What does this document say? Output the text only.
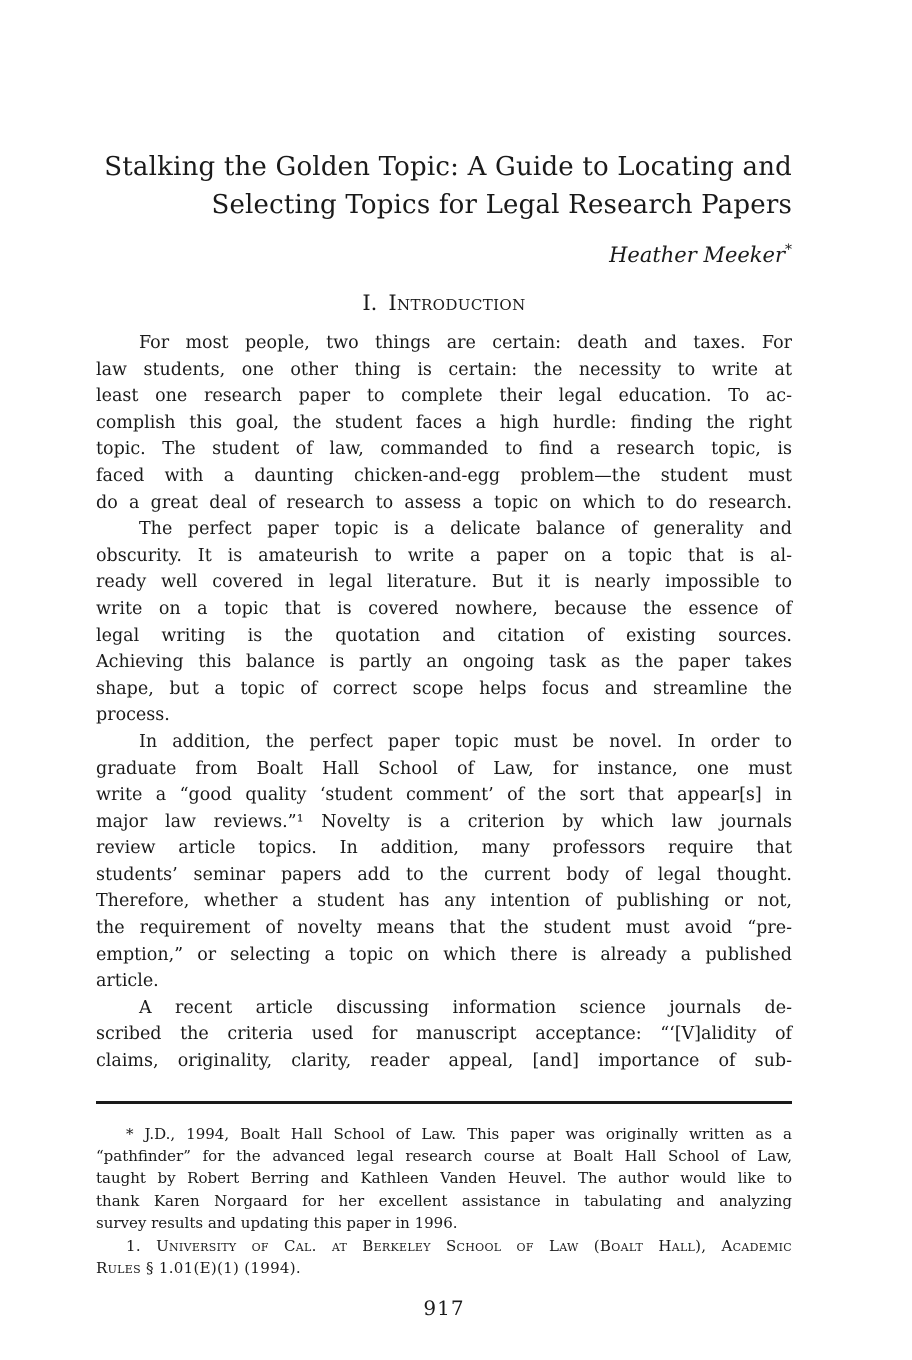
Stalking the Golden Topic: A Guide to Locating and
Selecting Topics for Legal Research Papers
Heather Meeker*
I. Introduction
For most people, two things are certain: death and taxes. For
law students, one other thing is certain: the necessity to write at
least one research paper to complete their legal education. To ac-
complish this goal, the student faces a high hurdle: finding the right
topic. The student of law, commanded to find a research topic, is
faced with a daunting chicken-and-egg problem—the student must
do a great deal of research to assess a topic on which to do research.
The perfect paper topic is a delicate balance of generality and
obscurity. It is amateurish to write a paper on a topic that is al-
ready well covered in legal literature. But it is nearly impossible to
write on a topic that is covered nowhere, because the essence of
legal writing is the quotation and citation of existing sources.
Achieving this balance is partly an ongoing task as the paper takes
shape, but a topic of correct scope helps focus and streamline the
process.
In addition, the perfect paper topic must be novel. In order to
graduate from Boalt Hall School of Law, for instance, one must
write a “good quality ‘student comment’ of the sort that appear[s] in
major law reviews.”¹ Novelty is a criterion by which law journals
review article topics. In addition, many professors require that
students’ seminar papers add to the current body of legal thought.
Therefore, whether a student has any intention of publishing or not,
the requirement of novelty means that the student must avoid “pre-
emption,” or selecting a topic on which there is already a published
article.
A recent article discussing information science journals de-
scribed the criteria used for manuscript acceptance: “‘[V]alidity of
claims, originality, clarity, reader appeal, [and] importance of sub-
* J.D., 1994, Boalt Hall School of Law. This paper was originally written as a
“pathfinder” for the advanced legal research course at Boalt Hall School of Law,
taught by Robert Berring and Kathleen Vanden Heuvel. The author would like to
thank Karen Norgaard for her excellent assistance in tabulating and analyzing
survey results and updating this paper in 1996.
1. University of Cal. at Berkeley School of Law (Boalt Hall), Academic
Rules § 1.01(E)(1) (1994).
917
